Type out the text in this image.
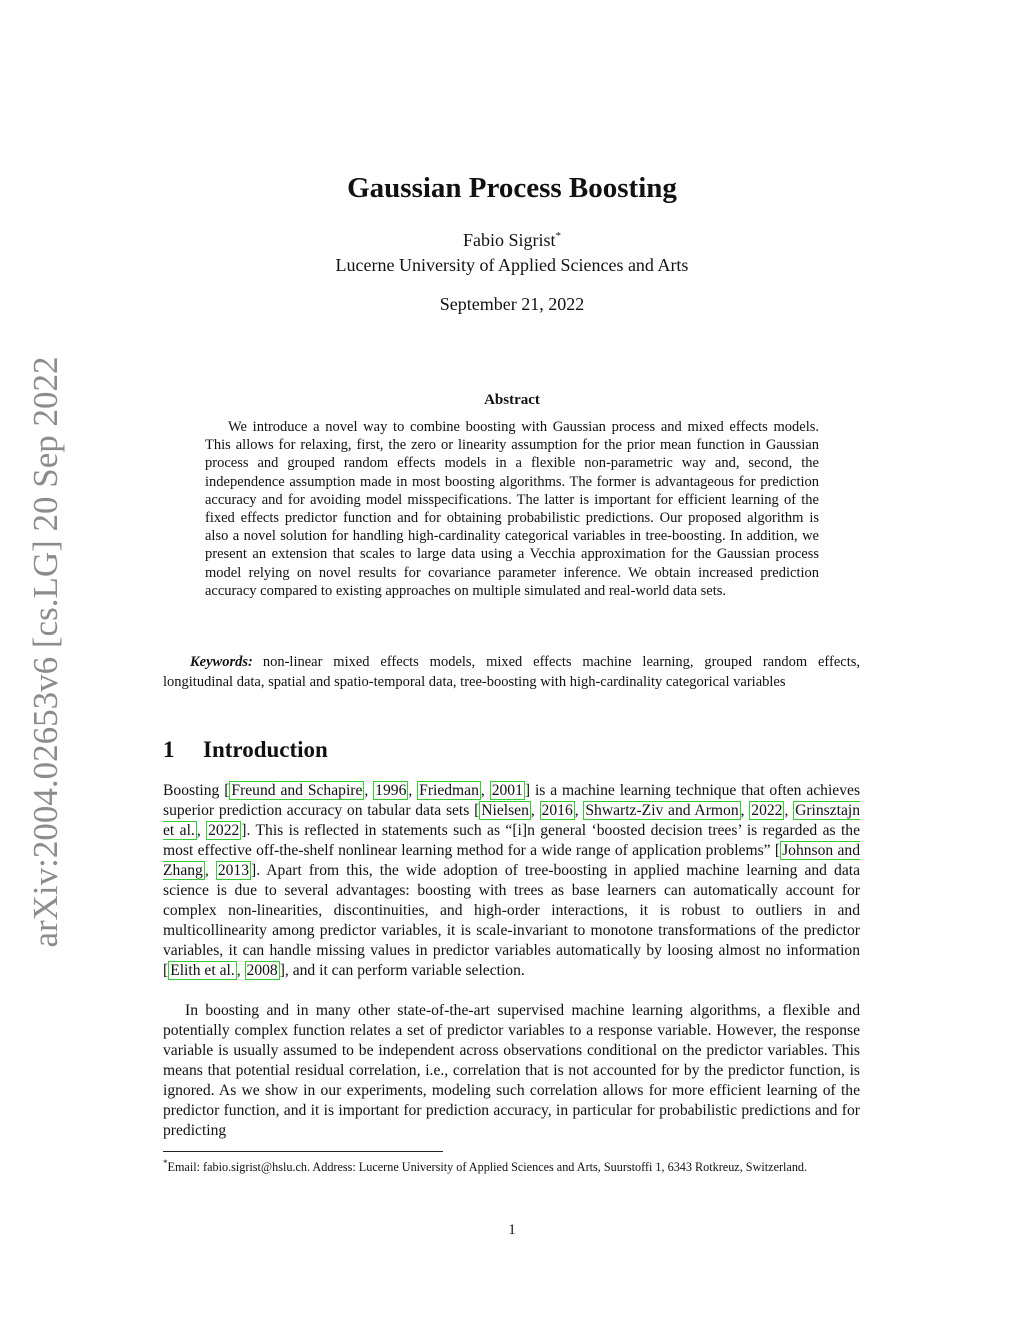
arXiv:2004.02653v6 [cs.LG] 20 Sep 2022
Gaussian Process Boosting
Fabio Sigrist*
Lucerne University of Applied Sciences and Arts
September 21, 2022
Abstract

We introduce a novel way to combine boosting with Gaussian process and mixed effects models. This allows for relaxing, first, the zero or linearity assumption for the prior mean function in Gaussian process and grouped random effects models in a flexible non-parametric way and, second, the independence assumption made in most boosting algorithms. The former is advantageous for prediction accuracy and for avoiding model misspecifications. The latter is important for efficient learning of the fixed effects predictor function and for obtaining probabilistic predictions. Our proposed algorithm is also a novel solution for handling high-cardinality categorical variables in tree-boosting. In addition, we present an extension that scales to large data using a Vecchia approximation for the Gaussian process model relying on novel results for covariance parameter inference. We obtain increased prediction accuracy compared to existing approaches on multiple simulated and real-world data sets.

Keywords: non-linear mixed effects models, mixed effects machine learning, grouped random effects, longitudinal data, spatial and spatio-temporal data, tree-boosting with high-cardinality categorical variables

1 Introduction

Boosting [ Freund and Schapire , 1996 , Friedman , 2001 ] is a machine learning technique that often achieves superior prediction accuracy on tabular data sets [ Nielsen , 2016 , Shwartz-Ziv and Armon , 2022 , Grinsztajn et al. , 2022 ]. This is reflected in statements such as “[i]n general ‘boosted decision trees’ is regarded as the most effective off-the-shelf nonlinear learning method for a wide range of application problems” [ Johnson and Zhang , 2013 ]. Apart from this, the wide adoption of tree-boosting in applied machine learning and data science is due to several advantages: boosting with trees as base learners can automatically account for complex non-linearities, discontinuities, and high-order interactions, it is robust to outliers in and multicollinearity among predictor variables, it is scale-invariant to monotone transformations of the predictor variables, it can handle missing values in predictor variables automatically by loosing almost no information [ Elith et al. , 2008 ], and it can perform variable selection.

In boosting and in many other state-of-the-art supervised machine learning algorithms, a flexible and potentially complex function relates a set of predictor variables to a response variable. However, the response variable is usually assumed to be independent across observations conditional on the predictor variables. This means that potential residual correlation, i.e., correlation that is not accounted for by the predictor function, is ignored. As we show in our experiments, modeling such correlation allows for more efficient learning of the predictor function, and it is important for prediction accuracy, in particular for probabilistic predictions and for predicting

*Email: fabio.sigrist@hslu.ch. Address: Lucerne University of Applied Sciences and Arts, Suurstoffi 1, 6343 Rotkreuz, Switzerland.

1
